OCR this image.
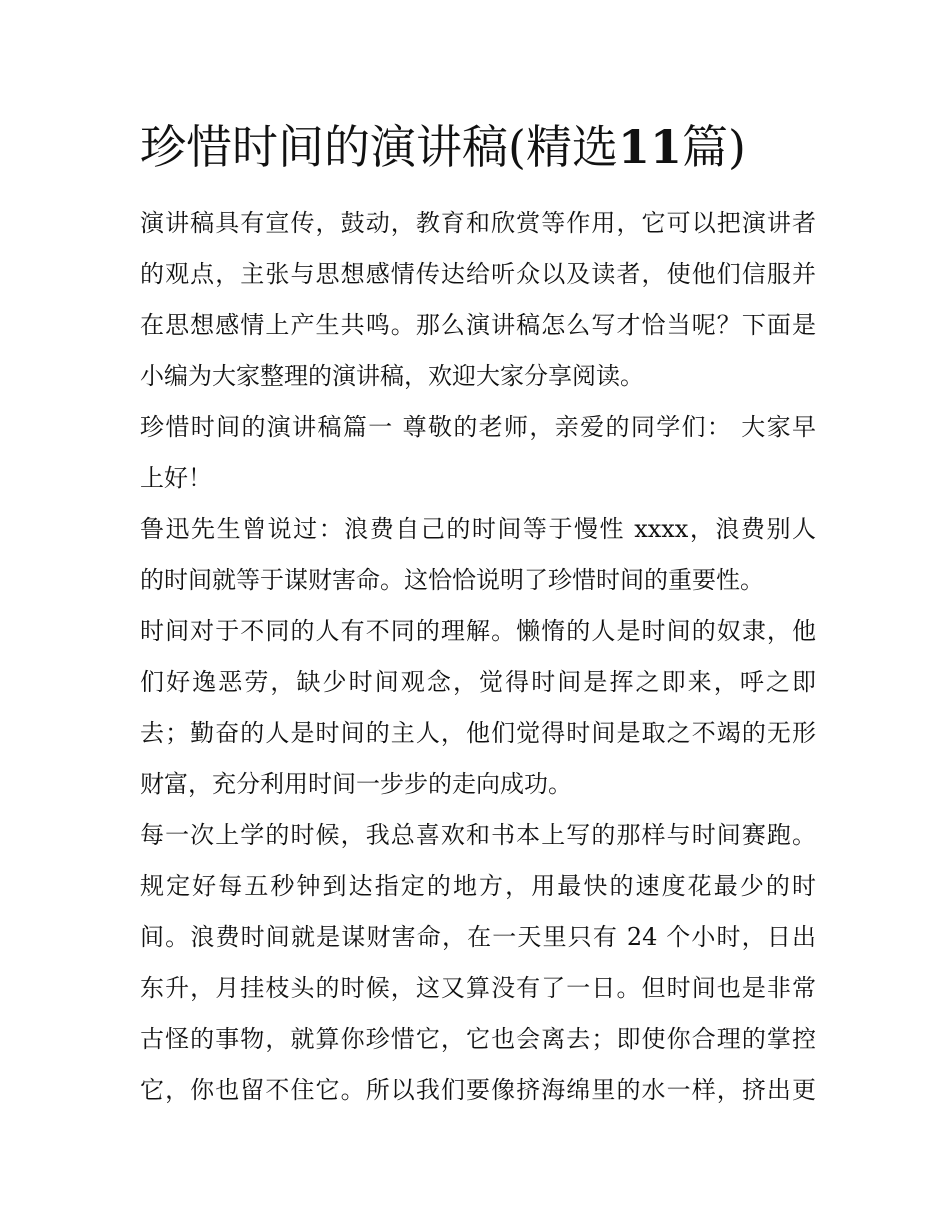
珍惜时间的演讲稿(精选11篇)
演讲稿具有宣传，鼓动，教育和欣赏等作用，它可以把演讲者
的观点，主张与思想感情传达给听众以及读者，使他们信服并
在思想感情上产生共鸣。那么演讲稿怎么写才恰当呢？下面是
小编为大家整理的演讲稿，欢迎大家分享阅读。
珍惜时间的演讲稿篇一 尊敬的老师，亲爱的同学们： 大家早
上好！
鲁迅先生曾说过：浪费自己的时间等于慢性 xxxx，浪费别人
的时间就等于谋财害命。这恰恰说明了珍惜时间的重要性。
时间对于不同的人有不同的理解。懒惰的人是时间的奴隶，他
们好逸恶劳，缺少时间观念，觉得时间是挥之即来，呼之即
去；勤奋的人是时间的主人，他们觉得时间是取之不竭的无形
财富，充分利用时间一步步的走向成功。
每一次上学的时候，我总喜欢和书本上写的那样与时间赛跑。
规定好每五秒钟到达指定的地方，用最快的速度花最少的时
间。浪费时间就是谋财害命，在一天里只有 24 个小时，日出
东升，月挂枝头的时候，这又算没有了一日。但时间也是非常
古怪的事物，就算你珍惜它，它也会离去；即使你合理的掌控
它，你也留不住它。所以我们要像挤海绵里的水一样，挤出更
